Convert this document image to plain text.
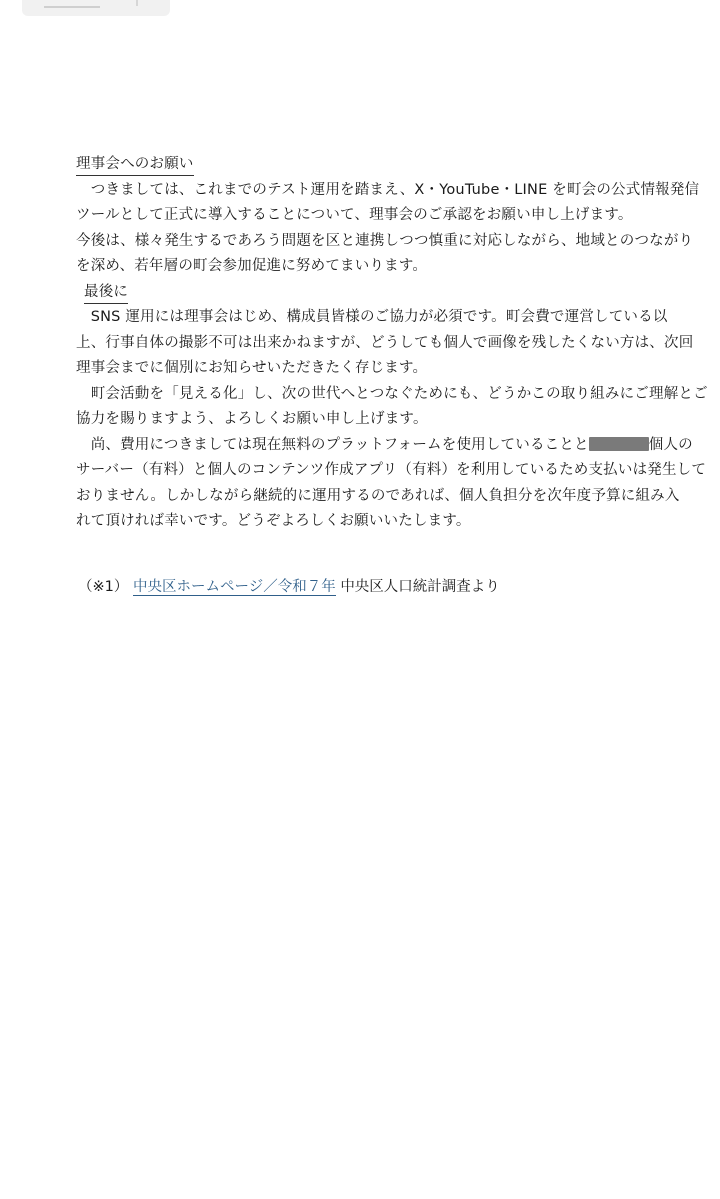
理事会へのお願い
　つきましては、これまでのテスト運用を踏まえ、X・YouTube・LINE を町会の公式情報発信
ツールとして正式に導入することについて、理事会のご承認をお願い申し上げます。
今後は、様々発生するであろう問題を区と連携しつつ慎重に対応しながら、地域とのつながり
を深め、若年層の町会参加促進に努めてまいります。
最後に
　SNS 運用には理事会はじめ、構成員皆様のご協力が必須です。町会費で運営している以
上、行事自体の撮影不可は出来かねますが、どうしても個人で画像を残したくない方は、次回
理事会までに個別にお知らせいただきたく存じます。
　町会活動を「見える化」し、次の世代へとつなぐためにも、どうかこの取り組みにご理解とご
協力を賜りますよう、よろしくお願い申し上げます。
　尚、費用につきましては現在無料のプラットフォームを使用していることと	個人の
サーバー（有料）と個人のコンテンツ作成アプリ（有料）を利用しているため支払いは発生して
おりません。しかしながら継続的に運用するのであれば、個人負担分を次年度予算に組み入
れて頂ければ幸いです。どうぞよろしくお願いいたします。
（※1） 中央区ホームページ／令和７年 中央区人口統計調査より
